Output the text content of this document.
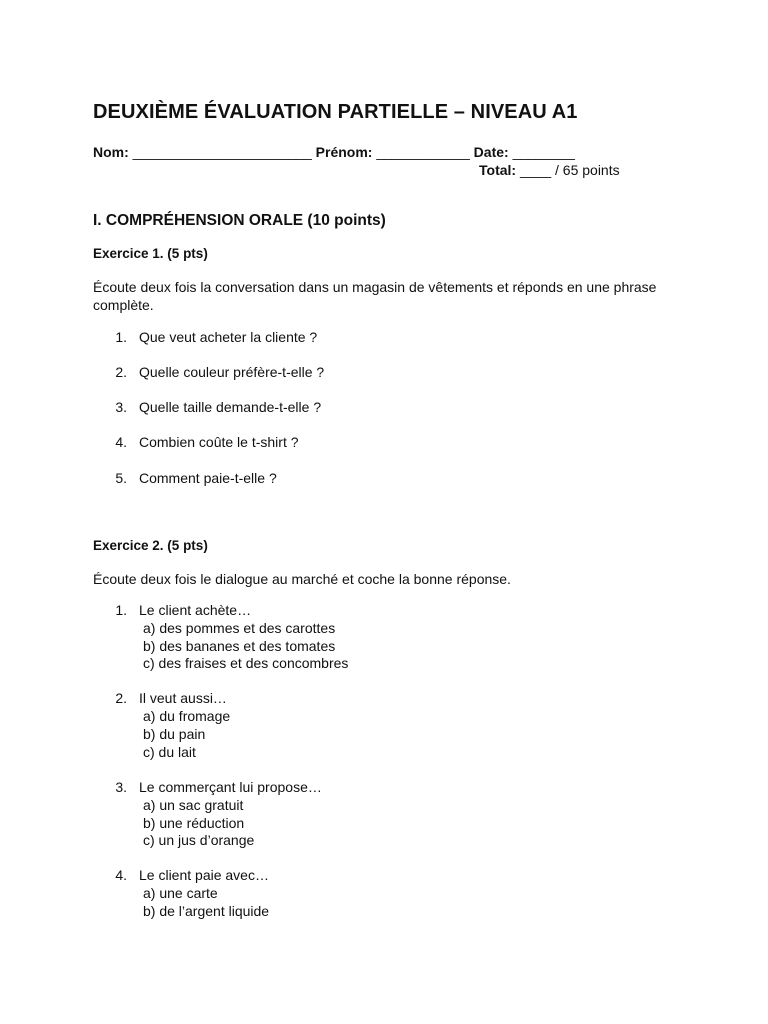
DEUXIÈME ÉVALUATION PARTIELLE – NIVEAU A1
Nom: _______________________ Prénom: ____________ Date: ________
Total: ____ / 65 points
I. COMPRÉHENSION ORALE (10 points)
Exercice 1. (5 pts)
Écoute deux fois la conversation dans un magasin de vêtements et réponds en une phrase complète.
1. Que veut acheter la cliente ?
2. Quelle couleur préfère-t-elle ?
3. Quelle taille demande-t-elle ?
4. Combien coûte le t-shirt ?
5. Comment paie-t-elle ?
Exercice 2. (5 pts)
Écoute deux fois le dialogue au marché et coche la bonne réponse.
1. Le client achète…
a) des pommes et des carottes
b) des bananes et des tomates
c) des fraises et des concombres
2. Il veut aussi…
a) du fromage
b) du pain
c) du lait
3. Le commerçant lui propose…
a) un sac gratuit
b) une réduction
c) un jus d’orange
4. Le client paie avec…
a) une carte
b) de l’argent liquide
